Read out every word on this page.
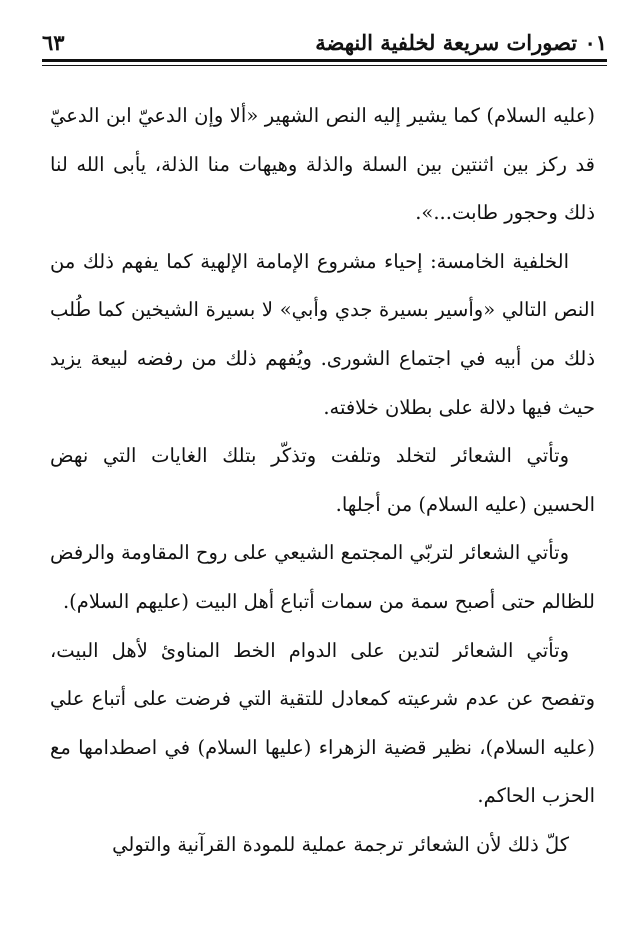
٠١ تصورات سريعة لخلفية النهضة
٦٣

(عليه السلام) كما يشير إليه النص الشهير «ألا وإن الدعيّ ابن الدعيّ قد ركز بين اثنتين بين السلة والذلة وهيهات منا الذلة، يأبى الله لنا ذلك وحجور طابت...».

الخلفية الخامسة: إحياء مشروع الإمامة الإلهية كما يفهم ذلك من النص التالي «وأسير بسيرة جدي وأبي» لا بسيرة الشيخين كما طُلب ذلك من أبيه في اجتماع الشورى. ويُفهم ذلك من رفضه لبيعة يزيد حيث فيها دلالة على بطلان خلافته.

وتأتي الشعائر لتخلد وتلفت وتذكّر بتلك الغايات التي نهض الحسين (عليه السلام) من أجلها.

وتأتي الشعائر لتربّي المجتمع الشيعي على روح المقاومة والرفض للظالم حتى أصبح سمة من سمات أتباع أهل البيت (عليهم السلام).

وتأتي الشعائر لتدين على الدوام الخط المناوئ لأهل البيت، وتفصح عن عدم شرعيته كمعادل للتقية التي فرضت على أتباع علي (عليه السلام)، نظير قضية الزهراء (عليها السلام) في اصطدامها مع الحزب الحاكم.

كلّ ذلك لأن الشعائر ترجمة عملية للمودة القرآنية والتولي
